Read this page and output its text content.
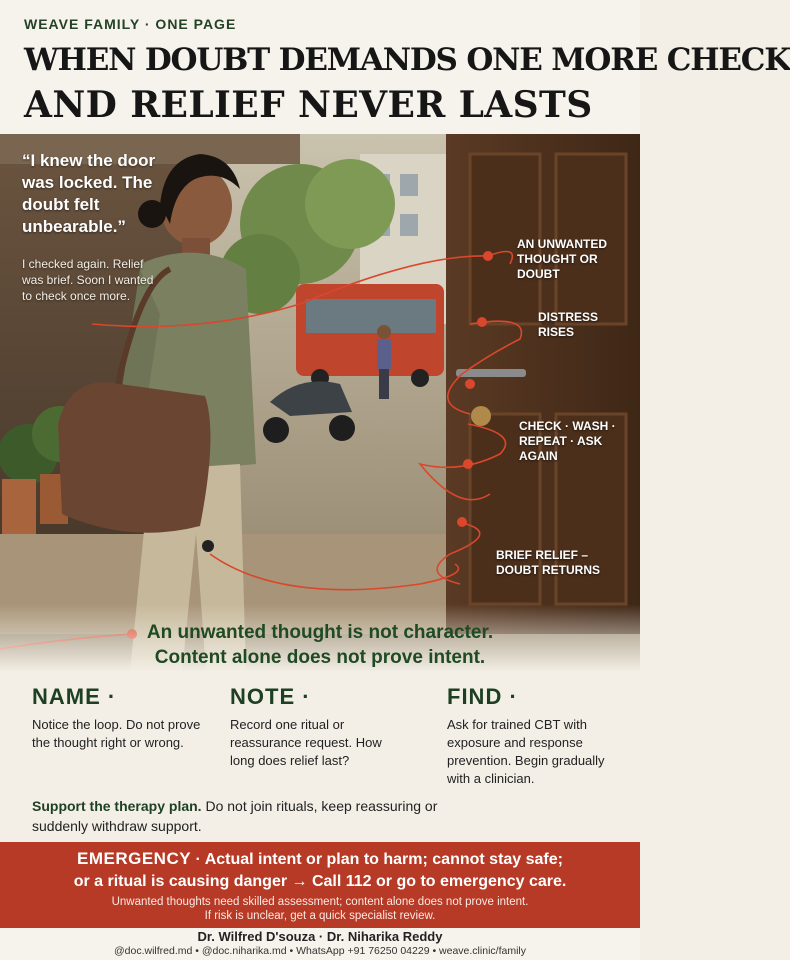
WEAVE FAMILY · ONE PAGE
WHEN DOUBT DEMANDS ONE MORE CHECK
AND RELIEF NEVER LASTS
“I knew the door was locked. The doubt felt unbearable.”
I checked again. Relief was brief. Soon I wanted to check once more.
AN UNWANTED
THOUGHT OR DOUBT
DISTRESS
RISES
CHECK · WASH ·
REPEAT · ASK AGAIN
BRIEF RELIEF –
DOUBT RETURNS
An unwanted thought is not character.
Content alone does not prove intent.
NAME ·
Notice the loop. Do not prove the thought right or wrong.
NOTE ·
Record one ritual or reassurance request. How long does relief last?
FIND ·
Ask for trained CBT with exposure and response prevention. Begin gradually with a clinician.
Support the therapy plan. Do not join rituals, keep reassuring or suddenly withdraw support.
EMERGENCY · Actual intent or plan to harm; cannot stay safe;
or a ritual is causing danger → Call 112 or go to emergency care.
Unwanted thoughts need skilled assessment; content alone does not prove intent.
If risk is unclear, get a quick specialist review.
Dr. Wilfred D'souza · Dr. Niharika Reddy
@doc.wilfred.md • @doc.niharika.md • WhatsApp +91 76250 04229 • weave.clinic/family
